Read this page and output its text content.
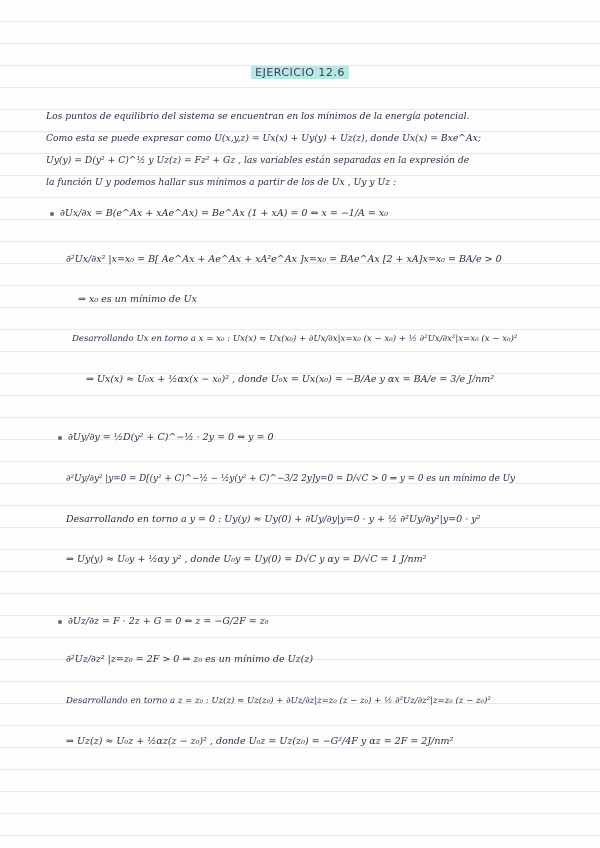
EJERCICIO 12.6

Los puntos de equilibrio del sistema se encuentran en los mínimos de la energía potencial.
Como esta se puede expresar como U(x,y,z) = Ux(x) + Uy(y) + Uz(z), donde Ux(x) = Bxe^Ax;
Uy(y) = D(y² + C)^½ y Uz(z) = Fz² + Gz , las variables están separadas en la expresión de
la función U y podemos hallar sus mínimos a partir de los de Ux , Uy y Uz :

∂Ux/∂x = B(e^Ax + xAe^Ax) = Be^Ax (1 + xA) = 0 ⇔ x = −1/A = x₀
∂²Ux/∂x² |x=x₀ = B[ Ae^Ax + Ae^Ax + xA²e^Ax ]x=x₀ = BAe^Ax [2 + xA]x=x₀ = BA/e > 0
⇒ x₀ es un mínimo de Ux
Desarrollando Ux en torno a x = x₀ : Ux(x) ≈ Ux(x₀) + ∂Ux/∂x|x=x₀ (x − x₀) + ½ ∂²Ux/∂x²|x=x₀ (x − x₀)²
⇒ Ux(x) ≈ U₀x + ½αx(x − x₀)² , donde U₀x = Ux(x₀) = −B/Ae y αx = BA/e = 3/e J/nm²
∂Uy/∂y = ½D(y² + C)^−½ · 2y = 0 ⇔ y = 0
∂²Uy/∂y² |y=0 = D[(y² + C)^−½ − ½y(y² + C)^−3/2 2y]y=0 = D/√C > 0 ⇒ y = 0 es un mínimo de Uy
Desarrollando en torno a y = 0 : Uy(y) ≈ Uy(0) + ∂Uy/∂y|y=0 · y + ½ ∂²Uy/∂y²|y=0 · y²
⇒ Uy(y) ≈ U₀y + ½αy y² , donde U₀y = Uy(0) = D√C y αy = D/√C = 1 J/nm²
∂Uz/∂z = F · 2z + G = 0 ⇔ z = −G/2F = z₀
∂²Uz/∂z² |z=z₀ = 2F > 0 ⇒ z₀ es un mínimo de Uz(z)
Desarrollando en torno a z = z₀ : Uz(z) ≈ Uz(z₀) + ∂Uz/∂z|z=z₀ (z − z₀) + ½ ∂²Uz/∂z²|z=z₀ (z − z₀)²
⇒ Uz(z) ≈ U₀z + ½αz(z − z₀)² , donde U₀z = Uz(z₀) = −G²/4F y αz = 2F = 2J/nm²
